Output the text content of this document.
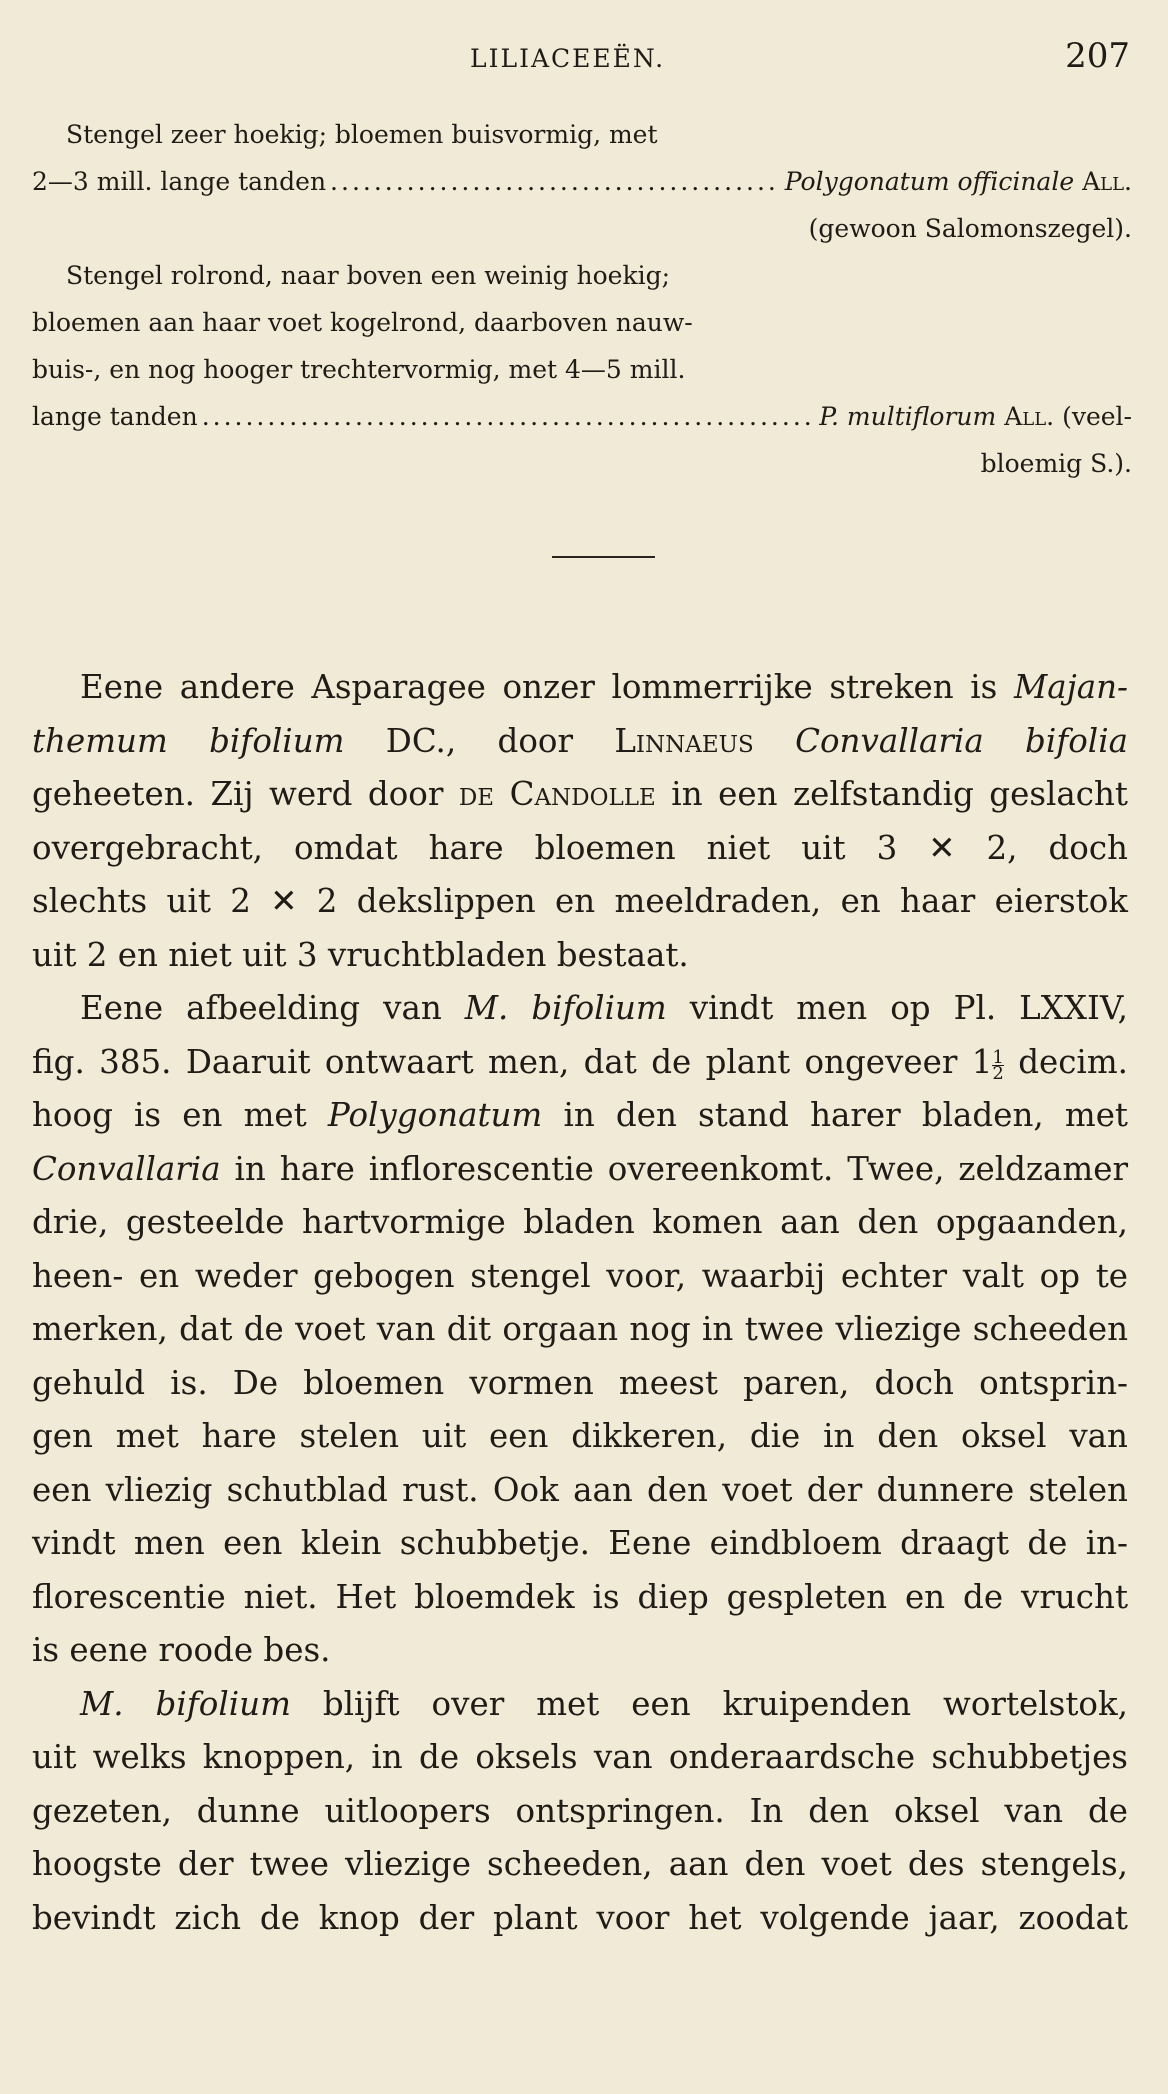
LILIACEEËN.	207
Stengel zeer hoekig; bloemen buisvormig, met
2—3 mill. lange tanden .....	Polygonatum officinale
All.
(gewoon Salomonszegel).
Stengel rolrond, naar boven een weinig hoekig;
bloemen aan haar voet kogelrond, daarboven nauw-
buis-, en nog hooger trechtervormig, met 4—5 mill.
lange tanden .....	P. multiflorum
All.
(veel-
bloemig S.).
Eene andere Asparagee onzer lommerrijke streken is Majan-
themum bifolium DC., door Linnaeus Convallaria bifolia
geheeten. Zij werd door de Candolle in een zelfstandig geslacht
overgebracht, omdat hare bloemen niet uit 3 ✕ 2, doch
slechts uit 2 ✕ 2 dekslippen en meeldraden, en haar eierstok
uit 2 en niet uit 3 vruchtbladen bestaat.
Eene afbeelding van M. bifolium vindt men op Pl. LXXIV,
fig. 385. Daaruit ontwaart men, dat de plant ongeveer $1 \frac{1}{2}$ decim.
hoog is en met Polygonatum in den stand harer bladen, met
Convallaria in hare inflorescentie overeenkomt. Twee, zeldzamer
drie, gesteelde hartvormige bladen komen aan den opgaanden,
heen- en weder gebogen stengel voor, waarbij echter valt op te
merken, dat de voet van dit orgaan nog in twee vliezige scheeden
gehuld is. De bloemen vormen meest paren, doch ontsprin-
gen met hare stelen uit een dikkeren, die in den oksel van
een vliezig schutblad rust. Ook aan den voet der dunnere stelen
vindt men een klein schubbetje. Eene eindbloem draagt de in-
florescentie niet. Het bloemdek is diep gespleten en de vrucht
is eene roode bes.
M. bifolium blijft over met een kruipenden wortelstok,
uit welks knoppen, in de oksels van onderaardsche schubbetjes
gezeten, dunne uitloopers ontspringen. In den oksel van de
hoogste der twee vliezige scheeden, aan den voet des stengels,
bevindt zich de knop der plant voor het volgende jaar, zoodat
